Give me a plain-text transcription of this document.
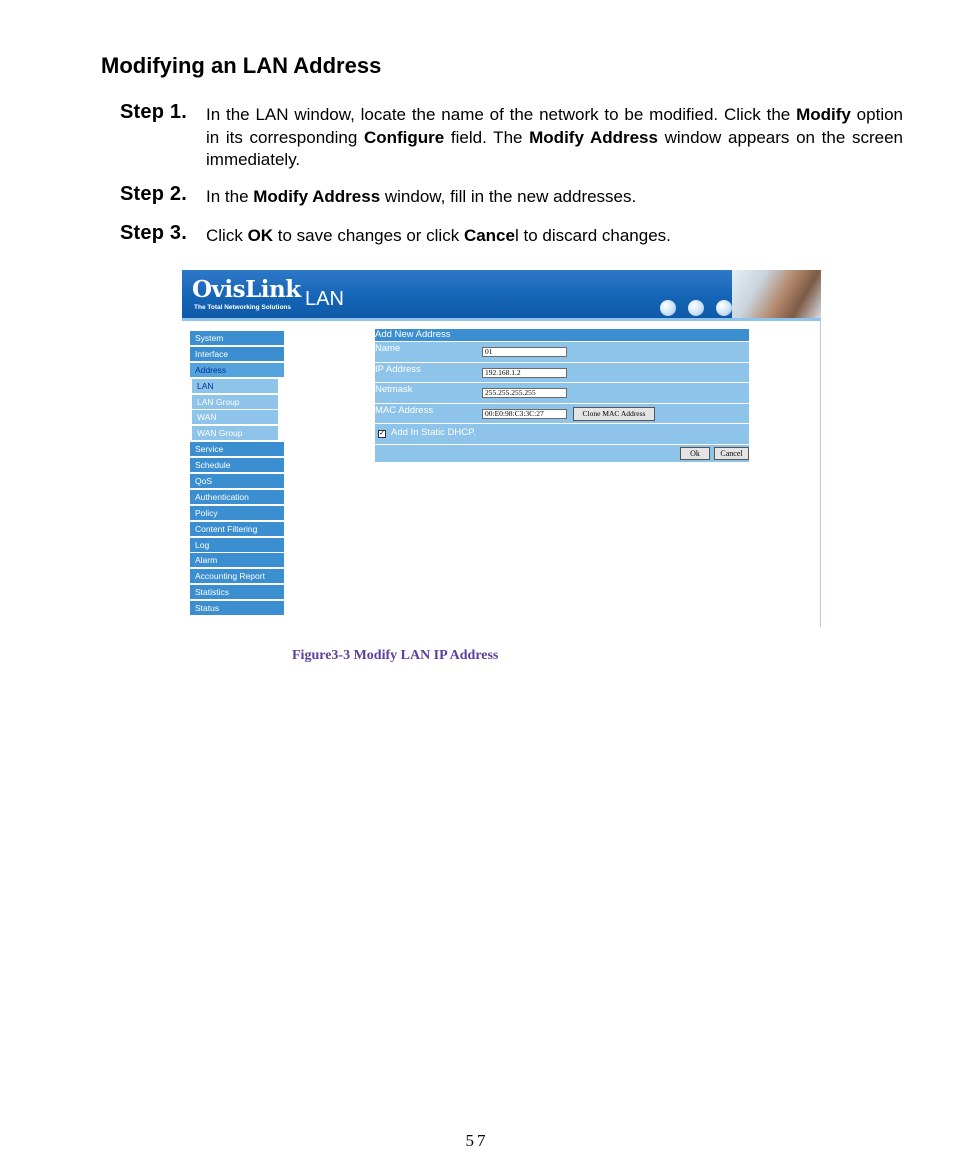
Modifying an LAN Address
Step 1. In the LAN window, locate the name of the network to be modified. Click the Modify option in its corresponding Configure field. The Modify Address window appears on the screen immediately.
Step 2. In the Modify Address window, fill in the new addresses.
Step 3. Click OK to save changes or click Cancel to discard changes.
OvisLink
The Total Networking Solutions LAN
System
Interface
Address
LAN
LAN Group
WAN
WAN Group
Service
Schedule
QoS
Authentication
Policy
Content Filtering
Log
Alarm
Accounting Report
Statistics
Status
Add New Address
Name	01
IP Address	192.168.1.2
Netmask	255.255.255.255
MAC Address	00:E0:98:C3:3C:27	Clone MAC Address
✓ Add In Static DHCP.
Ok	Cancel
Figure3-3 Modify LAN IP Address
57
